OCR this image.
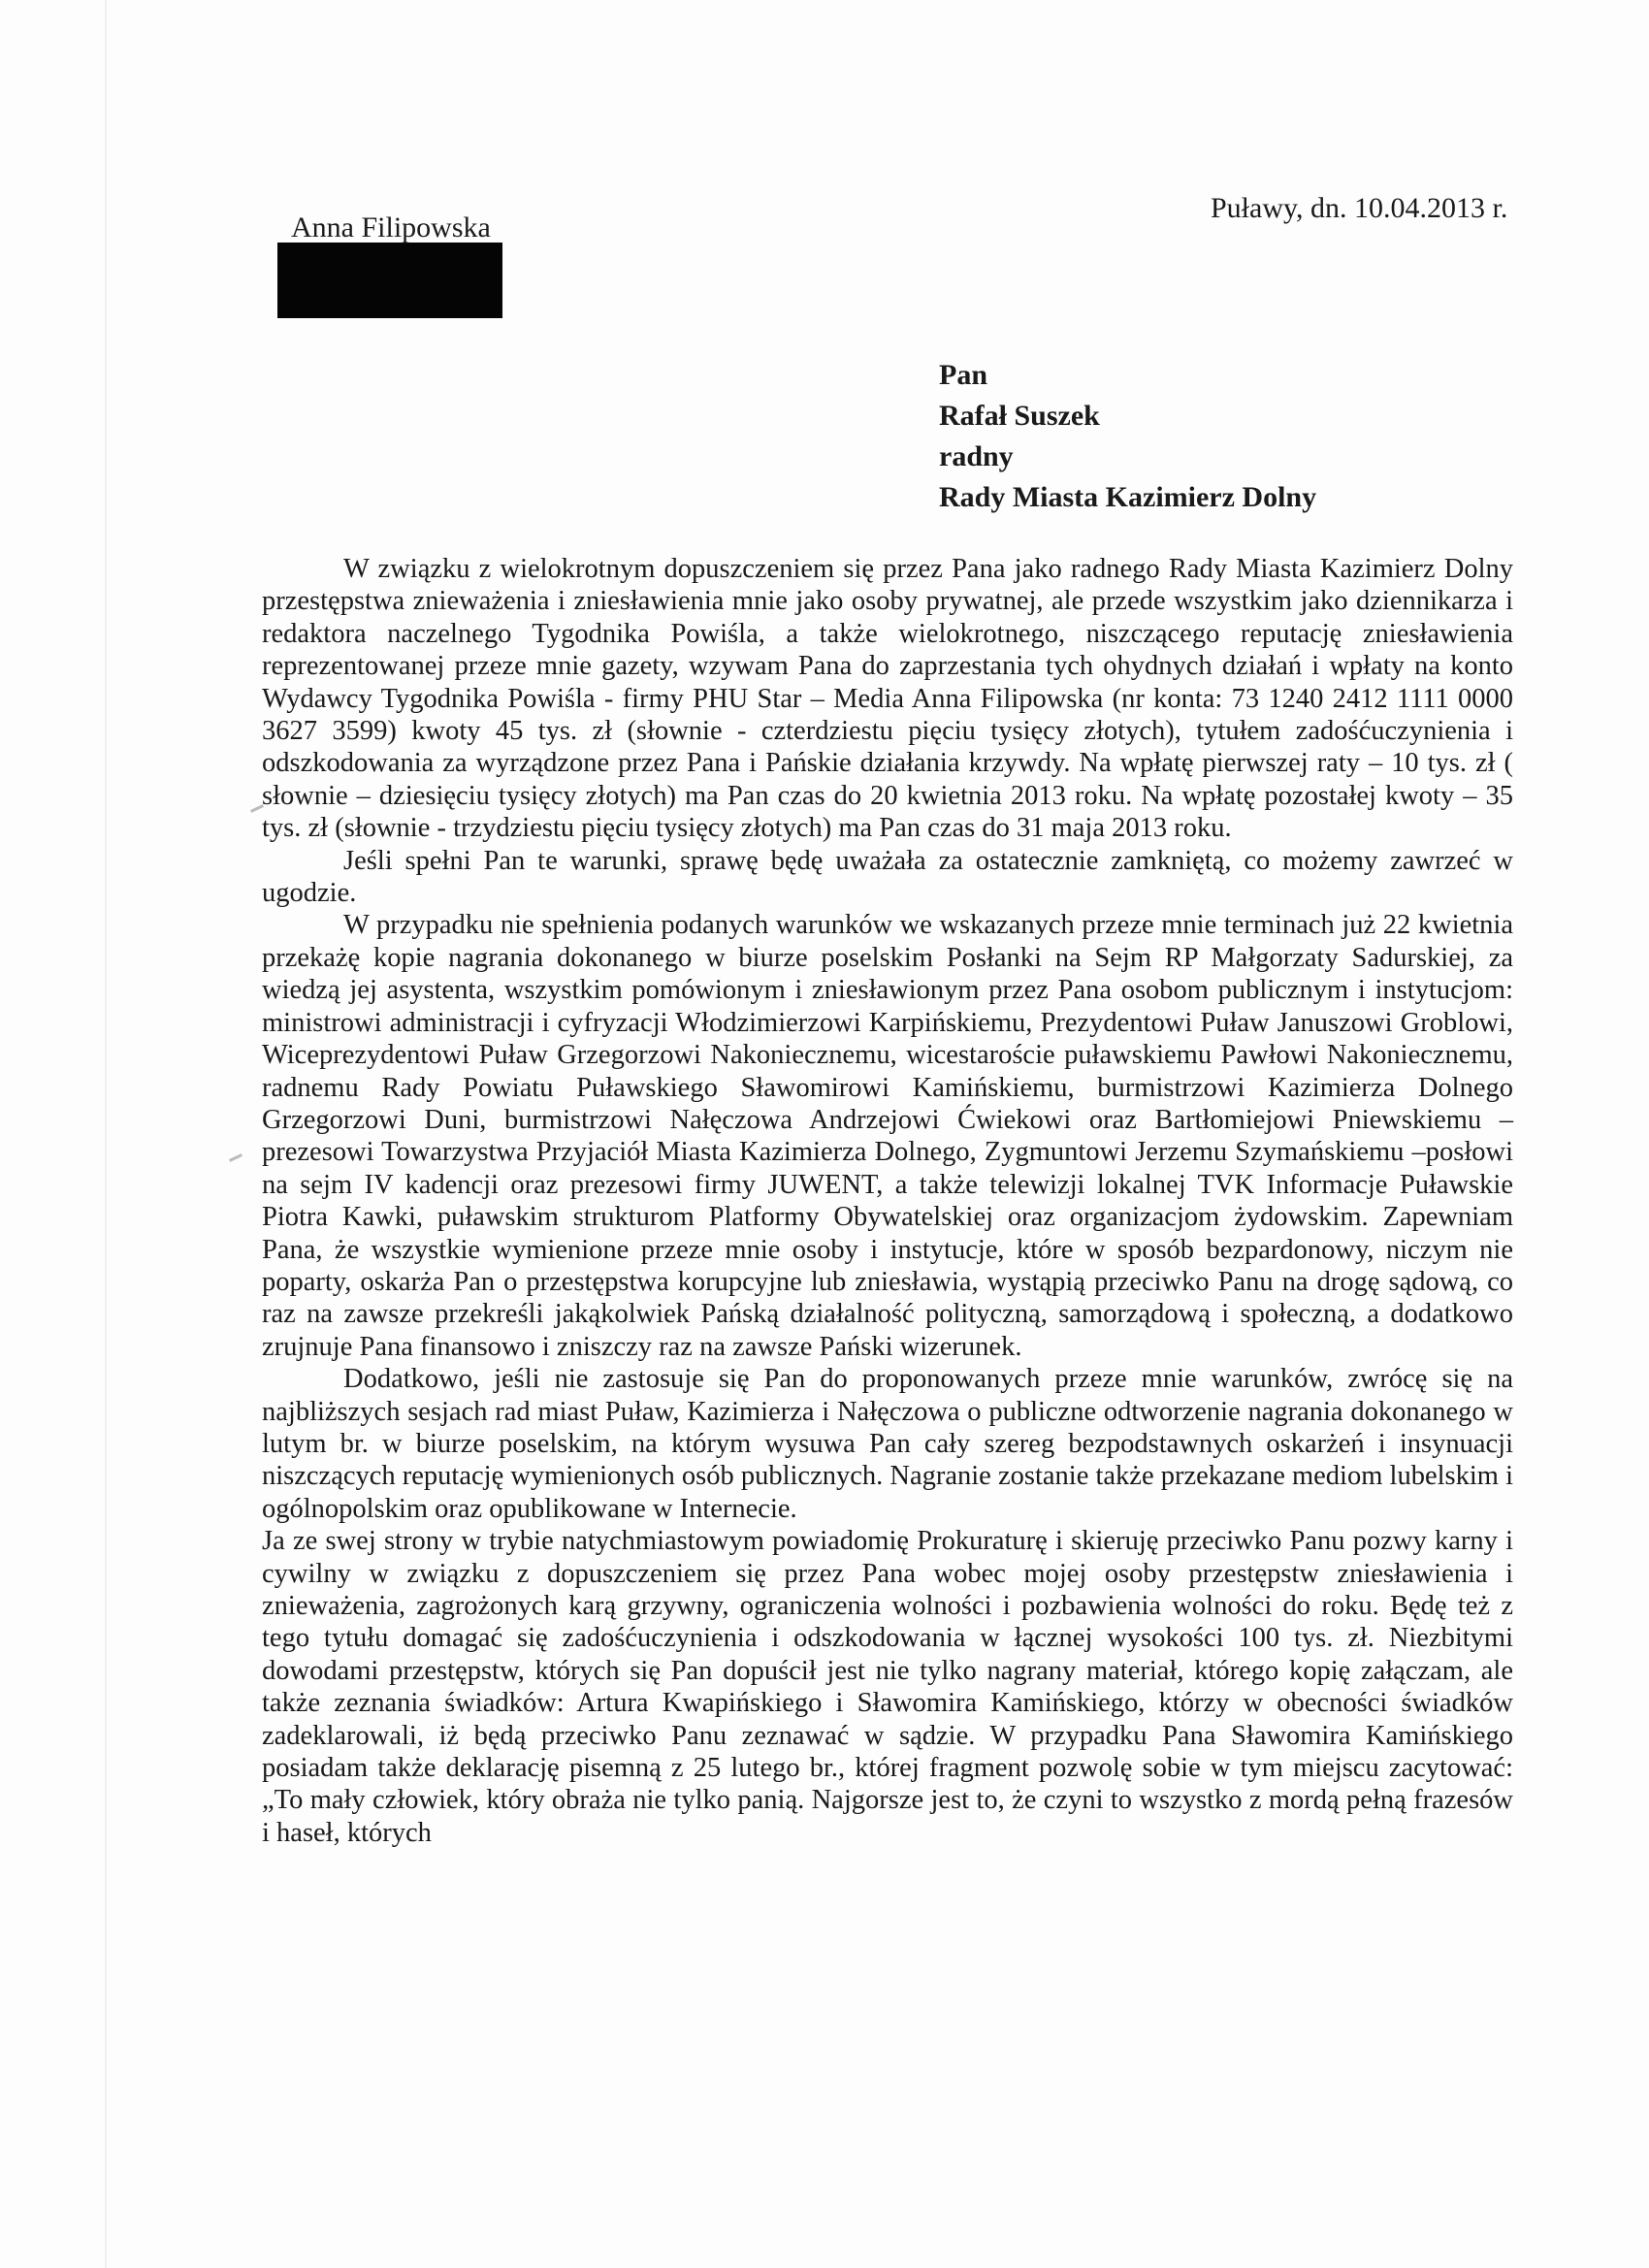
Anna Filipowska
Puławy, dn. 10.04.2013 r.
Pan
Rafał Suszek
radny
Rady Miasta Kazimierz Dolny

W związku z wielokrotnym dopuszczeniem się przez Pana jako radnego Rady Miasta Kazimierz Dolny przestępstwa znieważenia i zniesławienia mnie jako osoby prywatnej, ale przede wszystkim jako dziennikarza i redaktora naczelnego Tygodnika Powiśla, a także wielokrotnego, niszczącego reputację zniesławienia reprezentowanej przeze mnie gazety, wzywam Pana do zaprzestania tych ohydnych działań i wpłaty na konto Wydawcy Tygodnika Powiśla - firmy PHU Star – Media Anna Filipowska (nr konta: 73 1240 2412 1111 0000 3627 3599) kwoty 45 tys. zł (słownie - czterdziestu pięciu tysięcy złotych), tytułem zadośćuczynienia i odszkodowania za wyrządzone przez Pana i Pańskie działania krzywdy. Na wpłatę pierwszej raty – 10 tys. zł ( słownie – dziesięciu tysięcy złotych) ma Pan czas do 20 kwietnia 2013 roku. Na wpłatę pozostałej kwoty – 35 tys. zł (słownie - trzydziestu pięciu tysięcy złotych) ma Pan czas do 31 maja 2013 roku.

Jeśli spełni Pan te warunki, sprawę będę uważała za ostatecznie zamkniętą, co możemy zawrzeć w ugodzie.

W przypadku nie spełnienia podanych warunków we wskazanych przeze mnie terminach już 22 kwietnia przekażę kopie nagrania dokonanego w biurze poselskim Posłanki na Sejm RP Małgorzaty Sadurskiej, za wiedzą jej asystenta, wszystkim pomówionym i zniesławionym przez Pana osobom publicznym i instytucjom: ministrowi administracji i cyfryzacji Włodzimierzowi Karpińskiemu, Prezydentowi Puław Januszowi Groblowi, Wiceprezydentowi Puław Grzegorzowi Nakoniecznemu, wicestaroście puławskiemu Pawłowi Nakoniecznemu, radnemu Rady Powiatu Puławskiego Sławomirowi Kamińskiemu, burmistrzowi Kazimierza Dolnego Grzegorzowi Duni, burmistrzowi Nałęczowa Andrzejowi Ćwiekowi oraz Bartłomiejowi Pniewskiemu – prezesowi Towarzystwa Przyjaciół Miasta Kazimierza Dolnego, Zygmuntowi Jerzemu Szymańskiemu –posłowi na sejm IV kadencji oraz prezesowi firmy JUWENT, a także telewizji lokalnej TVK Informacje Puławskie Piotra Kawki, puławskim strukturom Platformy Obywatelskiej oraz organizacjom żydowskim. Zapewniam Pana, że wszystkie wymienione przeze mnie osoby i instytucje, które w sposób bezpardonowy, niczym nie poparty, oskarża Pan o przestępstwa korupcyjne lub zniesławia, wystąpią przeciwko Panu na drogę sądową, co raz na zawsze przekreśli jakąkolwiek Pańską działalność polityczną, samorządową i społeczną, a dodatkowo zrujnuje Pana finansowo i zniszczy raz na zawsze Pański wizerunek.

Dodatkowo, jeśli nie zastosuje się Pan do proponowanych przeze mnie warunków, zwrócę się na najbliższych sesjach rad miast Puław, Kazimierza i Nałęczowa o publiczne odtworzenie nagrania dokonanego w lutym br. w biurze poselskim, na którym wysuwa Pan cały szereg bezpodstawnych oskarżeń i insynuacji niszczących reputację wymienionych osób publicznych. Nagranie zostanie także przekazane mediom lubelskim i ogólnopolskim oraz opublikowane w Internecie.

Ja ze swej strony w trybie natychmiastowym powiadomię Prokuraturę i skieruję przeciwko Panu pozwy karny i cywilny w związku z dopuszczeniem się przez Pana wobec mojej osoby przestępstw zniesławienia i znieważenia, zagrożonych karą grzywny, ograniczenia wolności i pozbawienia wolności do roku. Będę też z tego tytułu domagać się zadośćuczynienia i odszkodowania w łącznej wysokości 100 tys. zł. Niezbitymi dowodami przestępstw, których się Pan dopuścił jest nie tylko nagrany materiał, którego kopię załączam, ale także zeznania świadków: Artura Kwapińskiego i Sławomira Kamińskiego, którzy w obecności świadków zadeklarowali, iż będą przeciwko Panu zeznawać w sądzie. W przypadku Pana Sławomira Kamińskiego posiadam także deklarację pisemną z 25 lutego br., której fragment pozwolę sobie w tym miejscu zacytować: „To mały człowiek, który obraża nie tylko panią. Najgorsze jest to, że czyni to wszystko z mordą pełną frazesów i haseł, których
